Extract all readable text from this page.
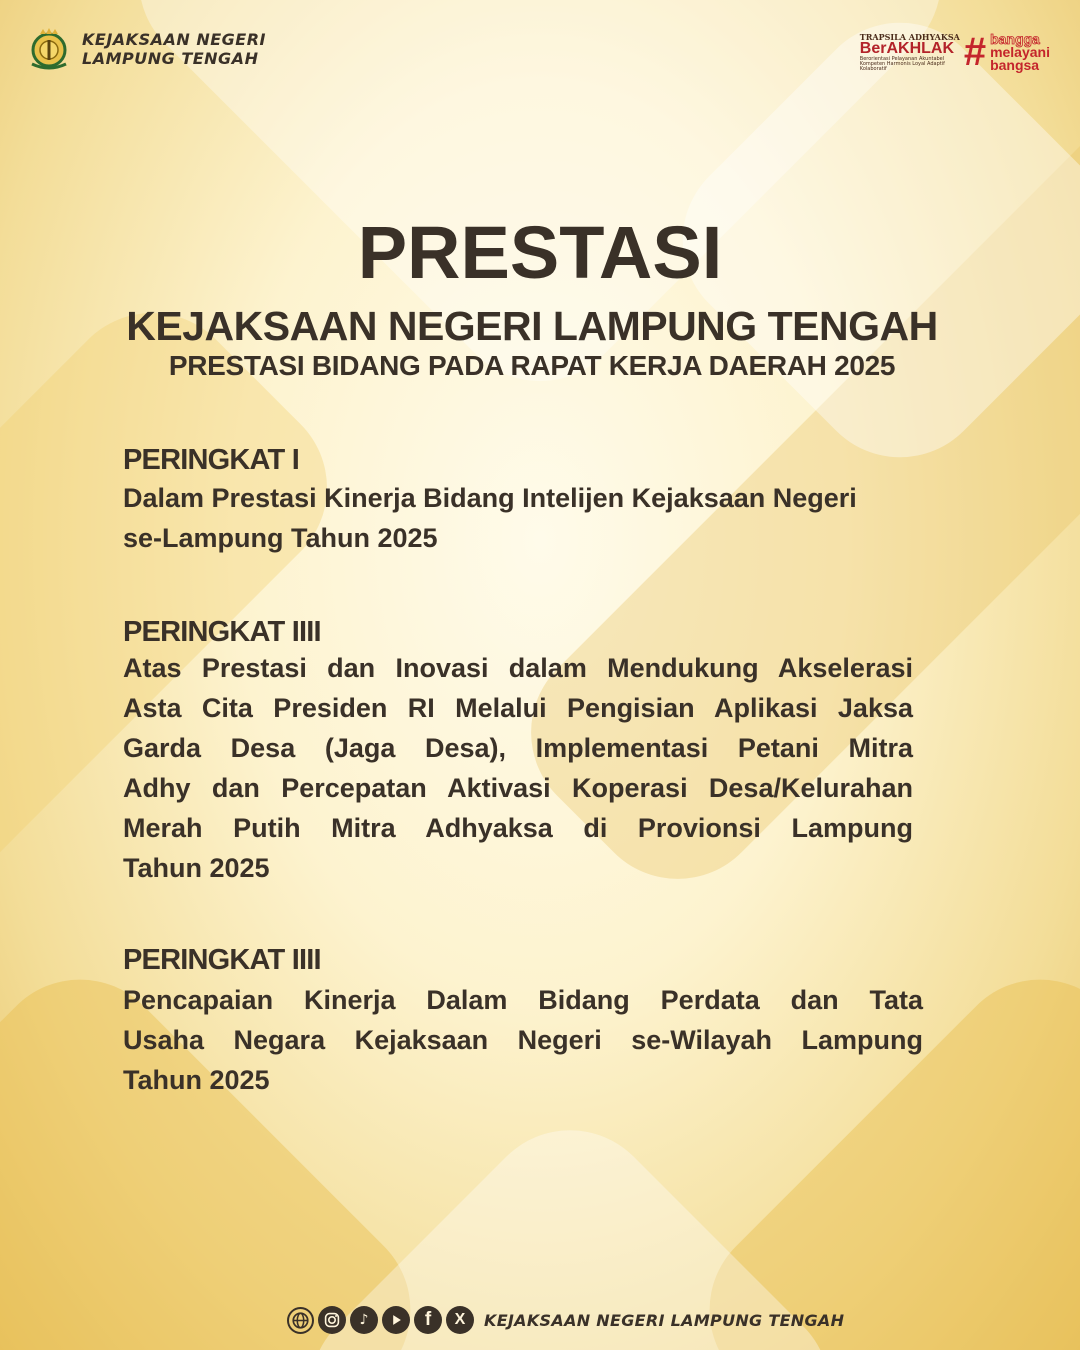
KEJAKSAAN NEGERI
LAMPUNG TENGAH
TRAPSILA ADHYAKSA
BerAKHLAK
Berorientasi Pelayanan Akuntabel Kompeten Harmonis Loyal Adaptif Kolaboratif	# bangga
melayani
bangsa
PRESTASI
KEJAKSAAN NEGERI LAMPUNG TENGAH
PRESTASI BIDANG PADA RAPAT KERJA DAERAH 2025
PERINGKAT I
Dalam Prestasi Kinerja Bidang Intelijen Kejaksaan Negeri
se-Lampung Tahun 2025
PERINGKAT IIII
Atas Prestasi dan Inovasi dalam Mendukung Akselerasi
Asta Cita Presiden RI Melalui Pengisian Aplikasi Jaksa
Garda Desa (Jaga Desa), Implementasi Petani Mitra
Adhy dan Percepatan Aktivasi Koperasi Desa/Kelurahan
Merah Putih Mitra Adhyaksa di Provionsi Lampung
Tahun 2025
PERINGKAT IIII
Pencapaian Kinerja Dalam Bidang Perdata dan Tata
Usaha Negara Kejaksaan Negeri se-Wilayah Lampung
Tahun 2025
♪	f	X	KEJAKSAAN NEGERI LAMPUNG TENGAH
